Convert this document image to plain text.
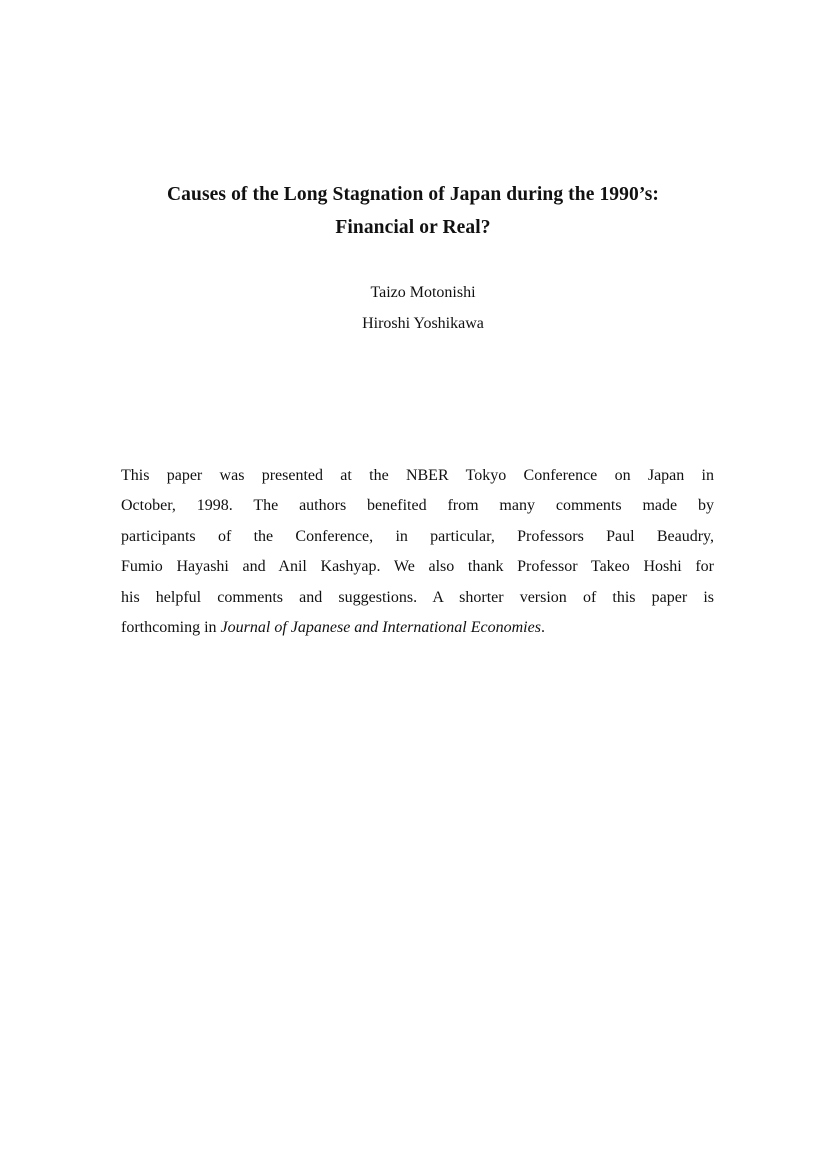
Causes of the Long Stagnation of Japan during the 1990’s:
Financial or Real?
Taizo Motonishi
Hiroshi Yoshikawa
This paper was presented at the NBER Tokyo Conference on Japan in
October, 1998. The authors benefited from many comments made by
participants of the Conference, in particular, Professors Paul Beaudry,
Fumio Hayashi and Anil Kashyap. We also thank Professor Takeo Hoshi for
his helpful comments and suggestions. A shorter version of this paper is
forthcoming in Journal of Japanese and International Economies.
